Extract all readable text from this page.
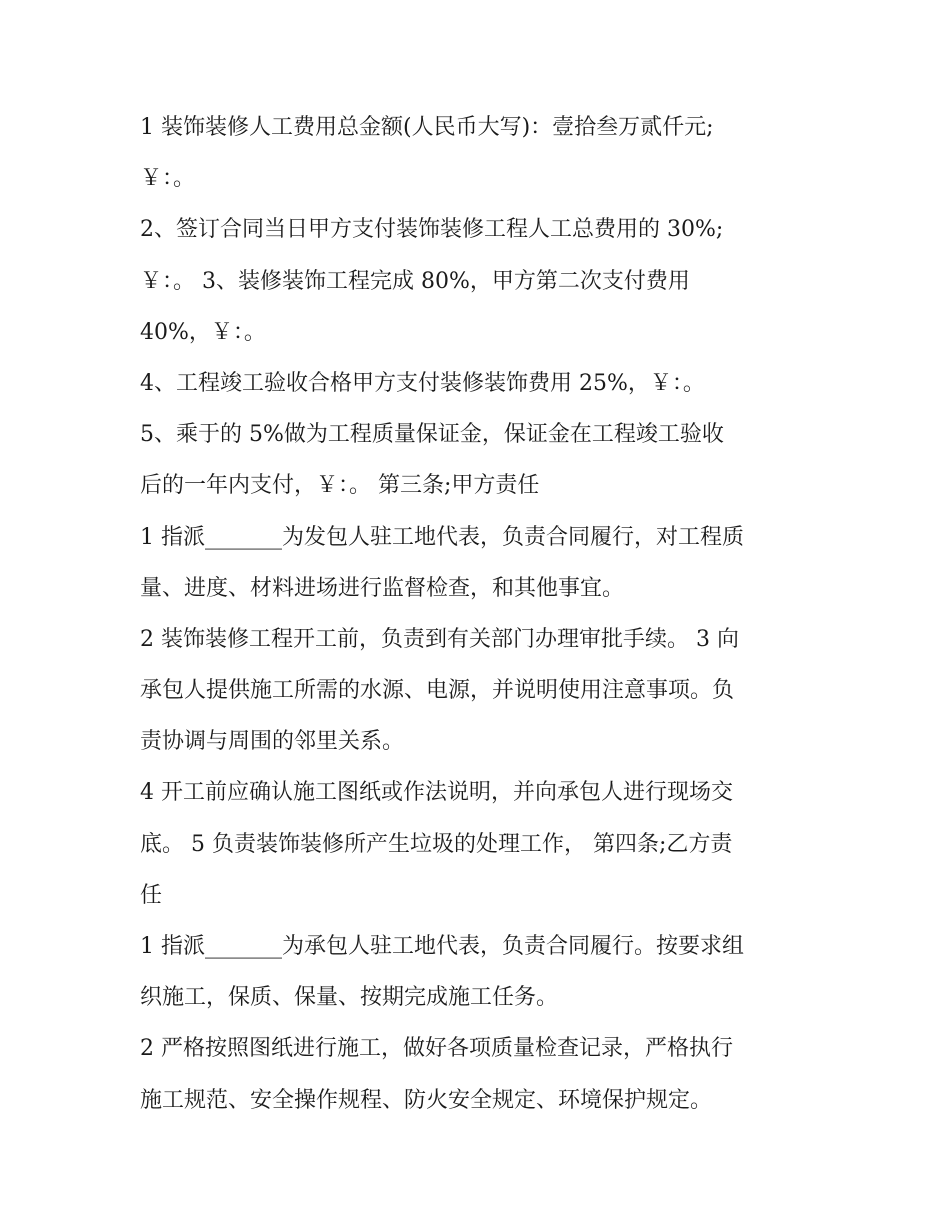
1 装饰装修人工费用总金额(人民币大写)：壹拾叁万贰仟元;
￥：。
2、签订合同当日甲方支付装饰装修工程人工总费用的 30%;
￥：。 3、装修装饰工程完成 80%，甲方第二次支付费用
40%，￥：。
4、工程竣工验收合格甲方支付装修装饰费用 25%，￥：。
5、乘于的 5%做为工程质量保证金，保证金在工程竣工验收
后的一年内支付，￥：。 第三条;甲方责任
1 指派_______为发包人驻工地代表，负责合同履行，对工程质
量、进度、材料进场进行监督检查，和其他事宜。
2 装饰装修工程开工前，负责到有关部门办理审批手续。 3 向
承包人提供施工所需的水源、电源，并说明使用注意事项。负
责协调与周围的邻里关系。
4 开工前应确认施工图纸或作法说明，并向承包人进行现场交
底。 5 负责装饰装修所产生垃圾的处理工作， 第四条;乙方责
任
1 指派_______为承包人驻工地代表，负责合同履行。按要求组
织施工，保质、保量、按期完成施工任务。
2 严格按照图纸进行施工，做好各项质量检查记录，严格执行
施工规范、安全操作规程、防火安全规定、环境保护规定。
